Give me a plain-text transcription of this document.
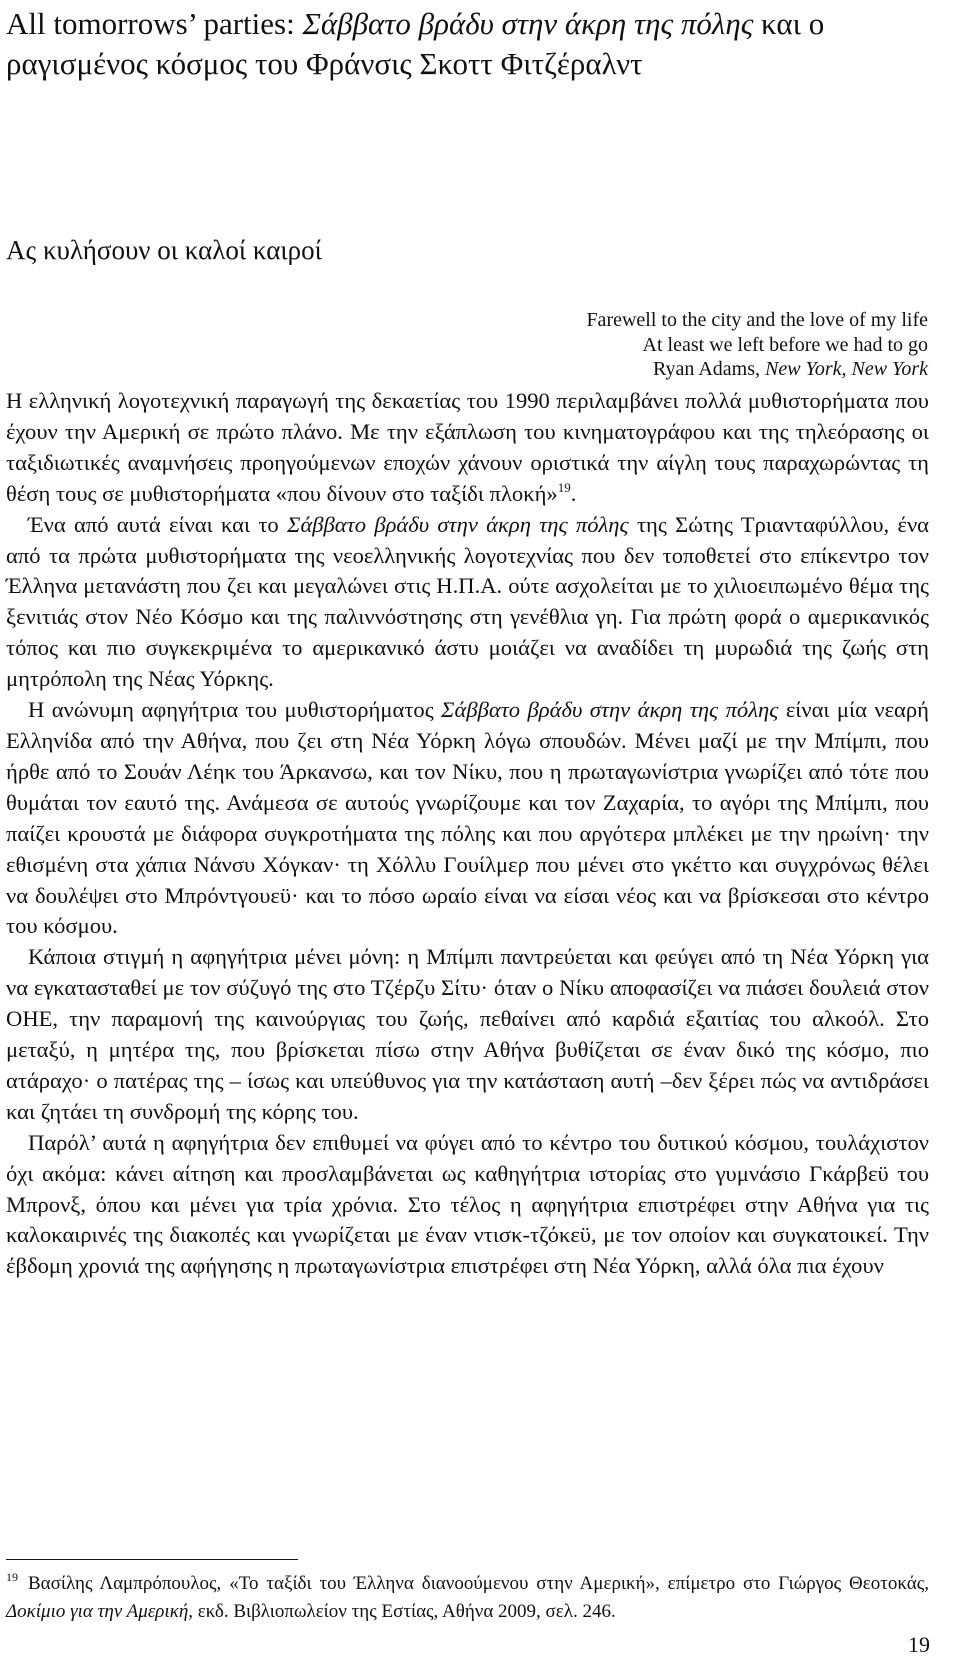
All tomorrows’ parties: Σάββατο βράδυ στην άκρη της πόλης και ο ραγισμένος κόσμος του Φράνσις Σκοττ Φιτζέραλντ
Ας κυλήσουν οι καλοί καιροί
Farewell to the city and the love of my life
At least we left before we had to go
Ryan Adams, New York, New York

Η ελληνική λογοτεχνική παραγωγή της δεκαετίας του 1990 περιλαμβάνει πολλά μυθιστορήματα που έχουν την Αμερική σε πρώτο πλάνο. Με την εξάπλωση του κινηματογράφου και της τηλεόρασης οι ταξιδιωτικές αναμνήσεις προηγούμενων εποχών χάνουν οριστικά την αίγλη τους παραχωρώντας τη θέση τους σε μυθιστορήματα «που δίνουν στο ταξίδι πλοκή»$^{19}$.

Ένα από αυτά είναι και το Σάββατο βράδυ στην άκρη της πόλης της Σώτης Τριανταφύλλου, ένα από τα πρώτα μυθιστορήματα της νεοελληνικής λογοτεχνίας που δεν τοποθετεί στο επίκεντρο τον Έλληνα μετανάστη που ζει και μεγαλώνει στις Η.Π.Α. ούτε ασχολείται με το χιλιοειπωμένο θέμα της ξενιτιάς στον Νέο Κόσμο και της παλιννόστησης στη γενέθλια γη. Για πρώτη φορά ο αμερικανικός τόπος και πιο συγκεκριμένα το αμερικανικό άστυ μοιάζει να αναδίδει τη μυρωδιά της ζωής στη μητρόπολη της Νέας Υόρκης.

Η ανώνυμη αφηγήτρια του μυθιστορήματος Σάββατο βράδυ στην άκρη της πόλης είναι μία νεαρή Ελληνίδα από την Αθήνα, που ζει στη Νέα Υόρκη λόγω σπουδών. Μένει μαζί με την Μπίμπι, που ήρθε από το Σουάν Λέηκ του Άρκανσω, και τον Νίκυ, που η πρωταγωνίστρια γνωρίζει από τότε που θυμάται τον εαυτό της. Ανάμεσα σε αυτούς γνωρίζουμε και τον Ζαχαρία, το αγόρι της Μπίμπι, που παίζει κρουστά με διάφορα συγκροτήματα της πόλης και που αργότερα μπλέκει με την ηρωίνη· την εθισμένη στα χάπια Νάνσυ Χόγκαν· τη Χόλλυ Γουίλμερ που μένει στο γκέττο και συγχρόνως θέλει να δουλέψει στο Μπρόντγουεϋ· και το πόσο ωραίο είναι να είσαι νέος και να βρίσκεσαι στο κέντρο του κόσμου.

Κάποια στιγμή η αφηγήτρια μένει μόνη: η Μπίμπι παντρεύεται και φεύγει από τη Νέα Υόρκη για να εγκατασταθεί με τον σύζυγό της στο Τζέρζυ Σίτυ· όταν ο Νίκυ αποφασίζει να πιάσει δουλειά στον ΟΗΕ, την παραμονή της καινούργιας του ζωής, πεθαίνει από καρδιά εξαιτίας του αλκοόλ. Στο μεταξύ, η μητέρα της, που βρίσκεται πίσω στην Αθήνα βυθίζεται σε έναν δικό της κόσμο, πιο ατάραχο· ο πατέρας της – ίσως και υπεύθυνος για την κατάσταση αυτή –δεν ξέρει πώς να αντιδράσει και ζητάει τη συνδρομή της κόρης του.

Παρόλ’ αυτά η αφηγήτρια δεν επιθυμεί να φύγει από το κέντρο του δυτικού κόσμου, τουλάχιστον όχι ακόμα: κάνει αίτηση και προσλαμβάνεται ως καθηγήτρια ιστορίας στο γυμνάσιο Γκάρβεϋ του Μπρονξ, όπου και μένει για τρία χρόνια. Στο τέλος η αφηγήτρια επιστρέφει στην Αθήνα για τις καλοκαιρινές της διακοπές και γνωρίζεται με έναν ντισκ-τζόκεϋ, με τον οποίον και συγκατοικεί. Την έβδομη χρονιά της αφήγησης η πρωταγωνίστρια επιστρέφει στη Νέα Υόρκη, αλλά όλα πια έχουν

$^{19}$ Βασίλης Λαμπρόπουλος, «Το ταξίδι του Έλληνα διανοούμενου στην Αμερική», επίμετρο στο Γιώργος Θεοτοκάς, Δοκίμιο για την Αμερική, εκδ. Βιβλιοπωλείον της Εστίας, Αθήνα 2009, σελ. 246.
19
